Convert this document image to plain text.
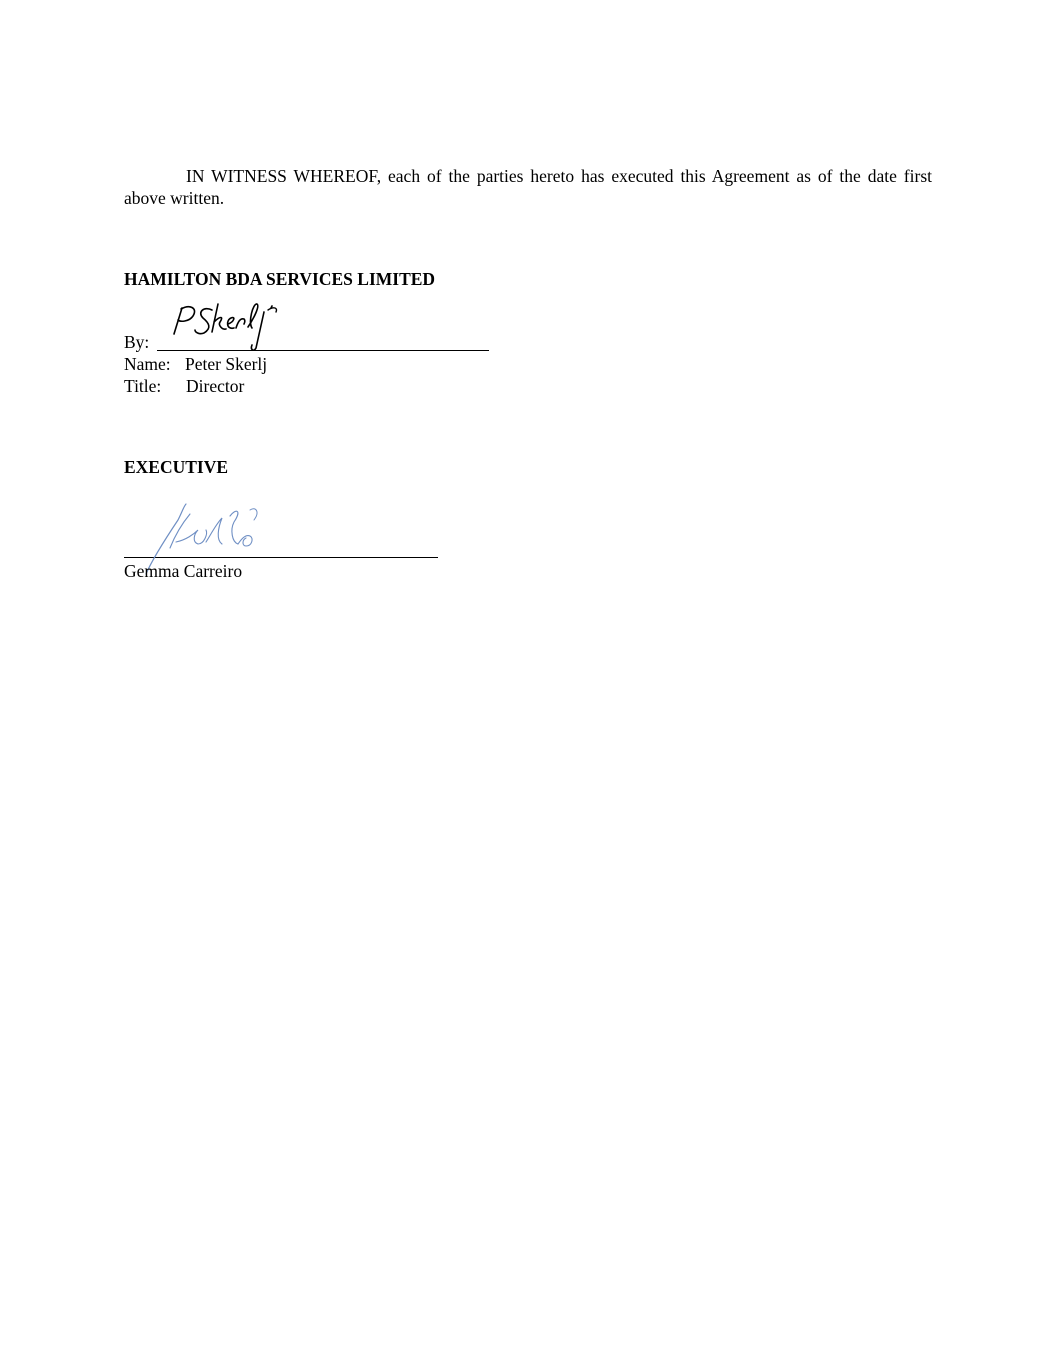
IN WITNESS WHEREOF, each of the parties hereto has executed this Agreement as of the date first above written.

HAMILTON BDA SERVICES LIMITED
By:
Name: Peter Skerlj
Title: Director
EXECUTIVE
Gemma Carreiro
